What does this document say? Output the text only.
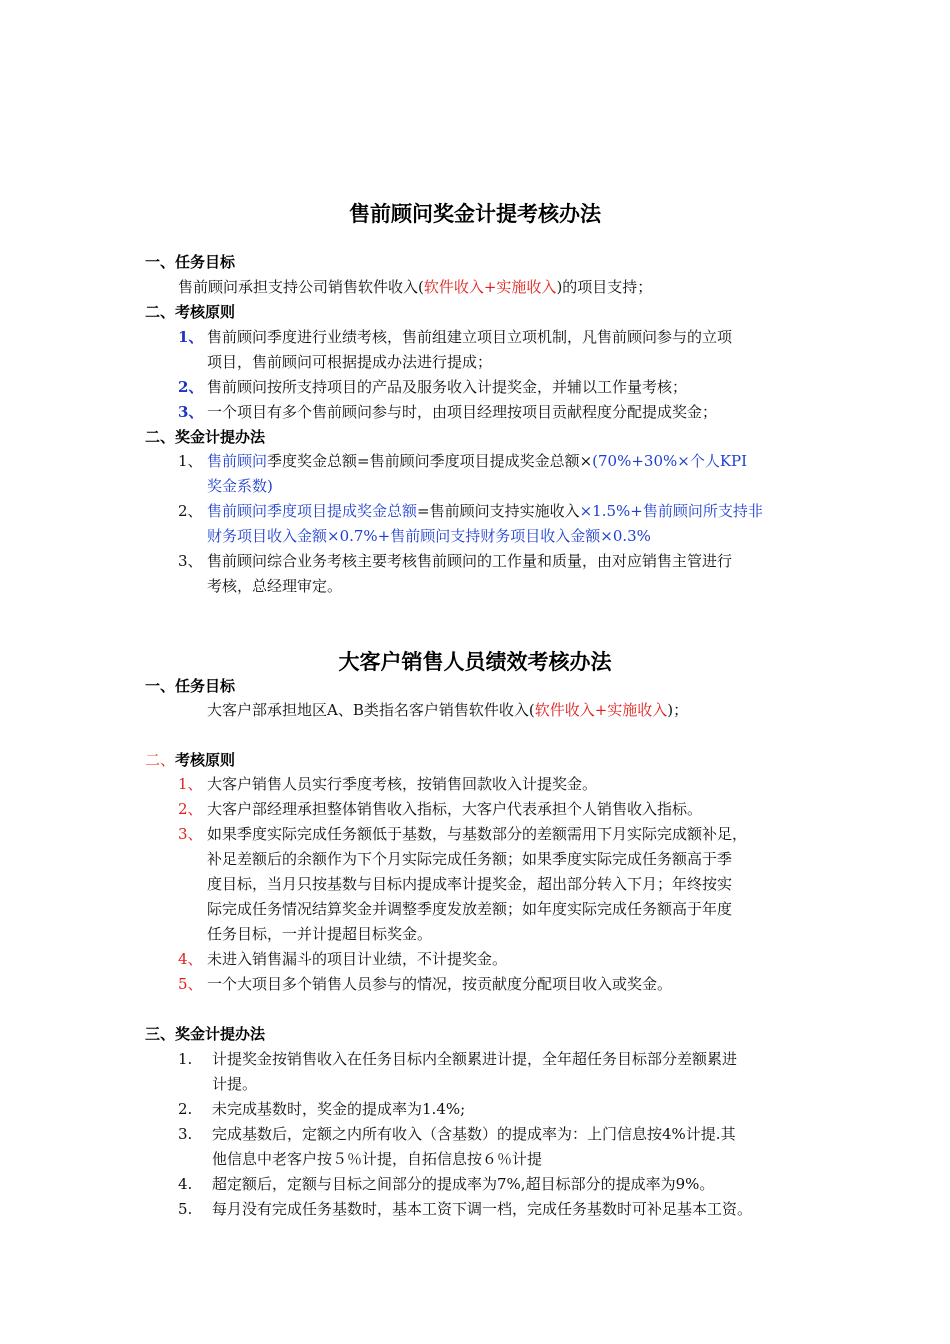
售前顾问奖金计提考核办法
一、任务目标
售前顾问承担支持公司销售软件收入(软件收入+实施收入)的项目支持；
二、考核原则
1、 售前顾问季度进行业绩考核，售前组建立项目立项机制，凡售前顾问参与的立项
项目，售前顾问可根据提成办法进行提成；
2、 售前顾问按所支持项目的产品及服务收入计提奖金，并辅以工作量考核；
3、 一个项目有多个售前顾问参与时，由项目经理按项目贡献程度分配提成奖金；
二、奖金计提办法
1、 售前顾问季度奖金总额=售前顾问季度项目提成奖金总额×(70%+30%×个人KPI
奖金系数)
2、 售前顾问季度项目提成奖金总额=售前顾问支持实施收入×1.5%+售前顾问所支持非
财务项目收入金额×0.7%+售前顾问支持财务项目收入金额×0.3%
3、 售前顾问综合业务考核主要考核售前顾问的工作量和质量，由对应销售主管进行
考核，总经理审定。
大客户销售人员绩效考核办法
一、任务目标
大客户部承担地区A、B类指名客户销售软件收入(软件收入+实施收入)；
二、考核原则
1、 大客户销售人员实行季度考核，按销售回款收入计提奖金。
2、 大客户部经理承担整体销售收入指标，大客户代表承担个人销售收入指标。
3、 如果季度实际完成任务额低于基数，与基数部分的差额需用下月实际完成额补足，
补足差额后的余额作为下个月实际完成任务额；如果季度实际完成任务额高于季
度目标，当月只按基数与目标内提成率计提奖金，超出部分转入下月；年终按实
际完成任务情况结算奖金并调整季度发放差额；如年度实际完成任务额高于年度
任务目标，一并计提超目标奖金。
4、 未进入销售漏斗的项目计业绩，不计提奖金。
5、 一个大项目多个销售人员参与的情况，按贡献度分配项目收入或奖金。
三、奖金计提办法
1. 计提奖金按销售收入在任务目标内全额累进计提，全年超任务目标部分差额累进
计提。
2. 未完成基数时，奖金的提成率为1.4%;
3. 完成基数后，定额之内所有收入（含基数）的提成率为：上门信息按4%计提.其
他信息中老客户按５％计提，自拓信息按６％计提
4. 超定额后，定额与目标之间部分的提成率为7%,超目标部分的提成率为9%。
5. 每月没有完成任务基数时，基本工资下调一档，完成任务基数时可补足基本工资。
